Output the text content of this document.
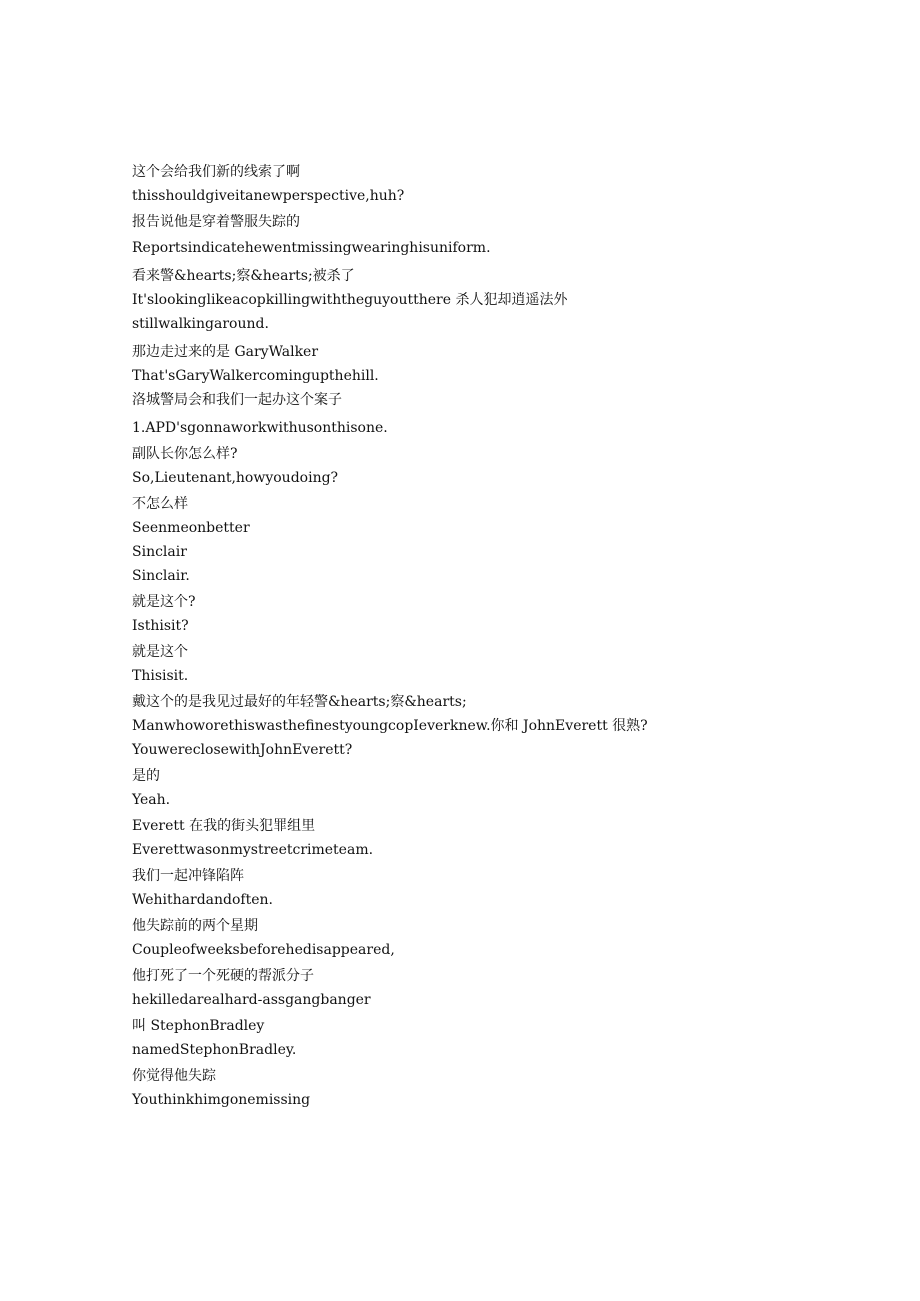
这个会给我们新的线索了啊
thisshouldgiveitanewperspective,huh?
报告说他是穿着警服失踪的
Reportsindicatehewentmissingwearinghisuniform.
看来警&hearts;察&hearts;被杀了
It'slookinglikeacopkillingwiththeguyoutthere 杀人犯却逍遥法外
stillwalkingaround.
那边走过来的是 GaryWalker
That'sGaryWalkercomingupthehill.
洛城警局会和我们一起办这个案子
1.APD'sgonnaworkwithusonthisone.
副队长你怎么样?
So,Lieutenant,howyoudoing?
不怎么样
Seenmeonbetter
Sinclair
Sinclair.
就是这个?
Isthisit?
就是这个
Thisisit.
戴这个的是我见过最好的年轻警&hearts;察&hearts;
ManwhoworethiswasthefinestyoungcopIeverknew.你和 JohnEverett 很熟?
YouwereclosewithJohnEverett?
是的
Yeah.
Everett 在我的街头犯罪组里
Everettwasonmystreetcrimeteam.
我们一起冲锋陷阵
Wehithardandoften.
他失踪前的两个星期
Coupleofweeksbeforehedisappeared,
他打死了一个死硬的帮派分子
hekilledarealhard-assgangbanger
叫 StephonBradley
namedStephonBradley.
你觉得他失踪
Youthinkhimgonemissing
